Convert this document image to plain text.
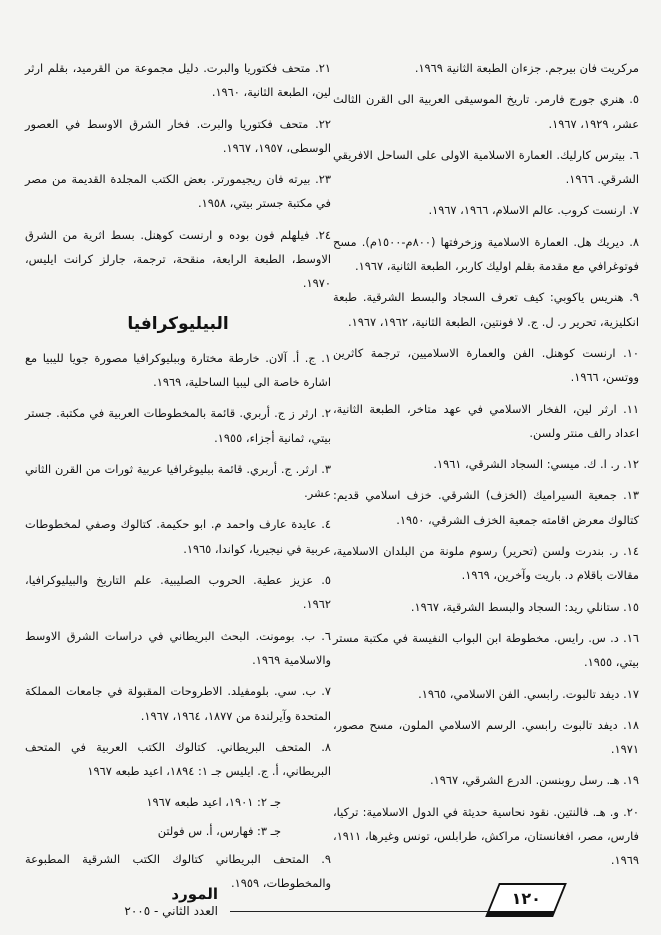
مركريت فان بيرجم. جزءان الطبعة الثانية ١٩٦٩.

٥. هنري جورج فارمر. تاريخ الموسيقى العربية الى القرن الثالث عشر، ١٩٢٩، ١٩٦٧.

٦. بيترس كارليك. العمارة الاسلامية الاولى على الساحل الافريقي الشرقي. ١٩٦٦.

٧. ارنست كروب. عالم الاسلام، ١٩٦٦، ١٩٦٧.

٨. ديريك هل. العمارة الاسلامية وزخرفتها (٨٠٠م-١٥٠٠م). مسح فوتوغرافي مع مقدمة بقلم اوليك كاربر، الطبعة الثانية، ١٩٦٧.

٩. هنريس ياكوبي: كيف تعرف السجاد والبسط الشرقية. طبعة انكليزية، تحرير ر. ل. ج. لا فونتين، الطبعة الثانية، ١٩٦٢، ١٩٦٧.

١٠. ارنست كوهنل. الفن والعمارة الاسلاميين، ترجمة كاثرين ووتسن، ١٩٦٦.

١١. ارثر لين، الفخار الاسلامي في عهد متاخر، الطبعة الثانية، اعداد رالف منتر ولسن.

١٢. ر. ا. ك. ميسي: السجاد الشرقي، ١٩٦١.

١٣. جمعية السيراميك (الخزف) الشرقي. خزف اسلامي قديم: كتالوك معرض اقامته جمعية الخزف الشرقي، ١٩٥٠.

١٤. ر. بندرت ولسن (تحرير) رسوم ملونة من البلدان الاسلامية، مقالات باقلام د. باريت وآخرين، ١٩٦٩.

١٥. ستانلي ريد: السجاد والبسط الشرقية، ١٩٦٧.

١٦. د. س. رايس. مخطوطة ابن البواب النفيسة في مكتبة مستر بيتي، ١٩٥٥.

١٧. ديفد تالبوت. رابسي. الفن الاسلامي، ١٩٦٥.

١٨. ديفد تالبوت رابسي. الرسم الاسلامي الملون، مسح مصور، ١٩٧١.

١٩. هـ. رسل روبنسن. الدرع الشرقي، ١٩٦٧.

٢٠. و. هـ. فالنتين. نقود نحاسية حديثة في الدول الاسلامية: تركيا، فارس، مصر، افغانستان، مراكش، طرابلس، تونس وغيرها، ١٩١١، ١٩٦٩.

٢١. متحف فكتوريا والبرت. دليل مجموعة من القرميد، بقلم ارثر لين، الطبعة الثانية، ١٩٦٠.

٢٢. متحف فكتوريا والبرت. فخار الشرق الاوسط في العصور الوسطى، ١٩٥٧، ١٩٦٧.

٢٣. بيرته فان ريجيمورتر. بعض الكتب المجلدة القديمة من مصر في مكتبة جستر بيتي، ١٩٥٨.

٢٤. فيلهلم فون بوده و ارنست كوهنل. بسط اثرية من الشرق الاوسط، الطبعة الرابعة، منقحة، ترجمة، جارلز كرانت ايليس، ١٩٧٠.

البيليوكرافيا

١. ج. أ. آلان. خارطة مختارة وببليوكرافيا مصورة جويا لليبيا مع اشارة خاصة الى ليبيا الساحلية، ١٩٦٩.

٢. ارثر ز ج. أربري. قائمة بالمخطوطات العربية في مكتبة. جستر بيتي، ثمانية أجزاء، ١٩٥٥.

٣. ارثر. ج. أربري. قائمة ببليوغرافيا عربية ثورات من القرن الثاني عشر.

٤. عايدة عارف واحمد م. ابو حكيمة. كتالوك وصفي لمخطوطات عربية في نيجيريا، كواندا، ١٩٦٥.

٥. عزيز عطية. الحروب الصليبية. علم التاريخ والبيليوكرافيا، ١٩٦٢.

٦. ب. بومونت. البحث البريطاني في دراسات الشرق الاوسط والاسلامية ١٩٦٩.

٧. ب. سي. بلومفيلد. الاطروحات المقبولة في جامعات المملكة المتحدة وآيرلندة من ١٨٧٧، ١٩٦٤، ١٩٦٧.

٨. المتحف البريطاني. كتالوك الكتب العربية في المتحف البريطاني، أ. ج. ايليس جـ ١: ١٨٩٤، اعيد طبعه ١٩٦٧

جـ ٢: ١٩٠١، اعيد طبعه ١٩٦٧

جـ ٣: فهارس، أ. س فولتن

٩. المتحف البريطاني كتالوك الكتب الشرقية المطبوعة والمخطوطات، ١٩٥٩.

المورد
العدد الثاني - ٢٠٠٥
١٢٠
